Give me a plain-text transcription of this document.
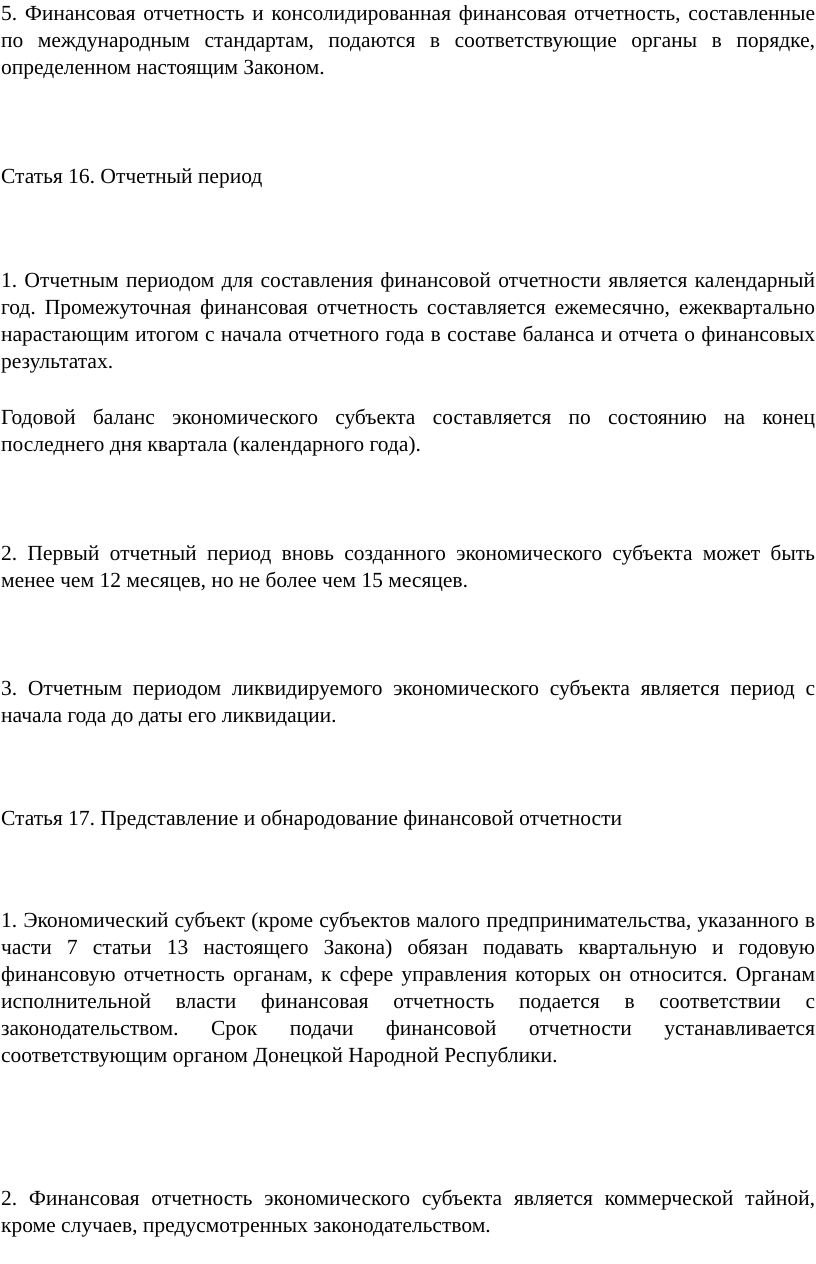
5. Финансовая отчетность и консолидированная финансовая отчетность, составленные по международным стандартам, подаются в соответствующие органы в порядке, определенном настоящим Законом.

Статья 16. Отчетный период

1. Отчетным периодом для составления финансовой отчетности является календарный год. Промежуточная финансовая отчетность составляется ежемесячно, ежеквартально нарастающим итогом с начала отчетного года в составе баланса и отчета о финансовых результатах.

Годовой баланс экономического субъекта составляется по состоянию на конец последнего дня квартала (календарного года).

2. Первый отчетный период вновь созданного экономического субъекта может быть менее чем 12 месяцев, но не более чем 15 месяцев.

3. Отчетным периодом ликвидируемого экономического субъекта является период с начала года до даты его ликвидации.

Статья 17. Представление и обнародование финансовой отчетности

1. Экономический субъект (кроме субъектов малого предпринимательства, указанного в части 7 статьи 13 настоящего Закона) обязан подавать квартальную и годовую финансовую отчетность органам, к сфере управления которых он относится. Органам исполнительной власти финансовая отчетность подается в соответствии с законодательством. Срок подачи финансовой отчетности устанавливается соответствующим органом Донецкой Народной Республики.

2. Финансовая отчетность экономического субъекта является коммерческой тайной, кроме случаев, предусмотренных законодательством.
